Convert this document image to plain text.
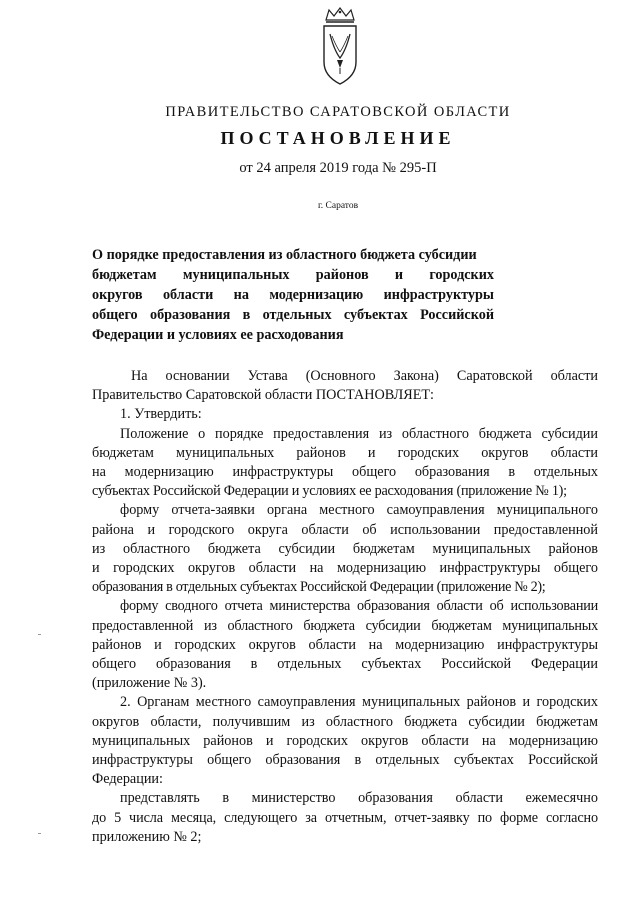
ПРАВИТЕЛЬСТВО САРАТОВСКОЙ ОБЛАСТИ
ПОСТАНОВЛЕНИЕ
от 24 апреля 2019 года № 295-П
г. Саратов
О порядке предоставления из областного бюджета субсидии
бюджетам муниципальных районов и городских
округов области на модернизацию инфраструктуры
общего образования в отдельных субъектах Российской
Федерации и условиях ее расходования
На основании Устава (Основного Закона) Саратовской области
Правительство Саратовской области ПОСТАНОВЛЯЕТ:
1. Утвердить:
Положение о порядке предоставления из областного бюджета субсидии
бюджетам муниципальных районов и городских округов области
на модернизацию инфраструктуры общего образования в отдельных
субъектах Российской Федерации и условиях ее расходования (приложение № 1);
форму отчета-заявки органа местного самоуправления муниципального
района и городского округа области об использовании предоставленной
из областного бюджета субсидии бюджетам муниципальных районов
и городских округов области на модернизацию инфраструктуры общего
образования в отдельных субъектах Российской Федерации (приложение № 2);
форму сводного отчета министерства образования области об использовании
предоставленной из областного бюджета субсидии бюджетам муниципальных
районов и городских округов области на модернизацию инфраструктуры
общего образования в отдельных субъектах Российской Федерации
(приложение № 3).
2. Органам местного самоуправления муниципальных районов и городских
округов области, получившим из областного бюджета субсидии бюджетам
муниципальных районов и городских округов области на модернизацию
инфраструктуры общего образования в отдельных субъектах Российской
Федерации:
представлять в министерство образования области ежемесячно
до 5 числа месяца, следующего за отчетным, отчет-заявку по форме согласно
приложению № 2;
